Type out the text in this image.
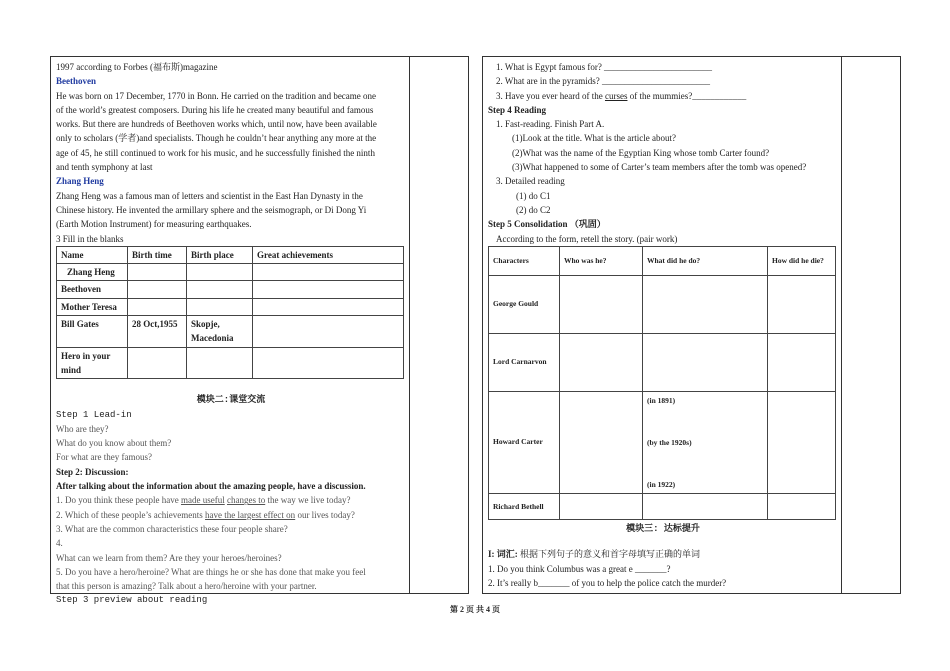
1997 according to Forbes (福布斯)magazine
Beethoven
He was born on 17 December, 1770 in Bonn. He carried on the tradition and became one
of the world’s greatest composers. During his life he created many beautiful and famous
works. But there are hundreds of Beethoven works which, until now, have been available
only to scholars (学者)and specialists. Though he couldn’t hear anything any more at the
age of 45, he still continued to work for his music, and he successfully finished the ninth
and tenth symphony at last
Zhang Heng
Zhang Heng was a famous man of letters and scientist in the East Han Dynasty in the
Chinese history. He invented the armillary sphere and the seismograph, or Di Dong Yi
(Earth Motion Instrument) for measuring earthquakes.
3 Fill in the blanks
Name	Birth time	Birth place	Great achievements
Zhang Heng			
Beethoven			
Mother Teresa			
Bill Gates	28 Oct,1955	Skopje, Macedonia	
Hero in your mind			
模块二:课堂交流
Step 1 Lead-in
Who are they?
What do you know about them?
For what are they famous?
Step 2: Discussion:
After talking about the information about the amazing people, have a discussion.
1. Do you think these people have made useful changes to the way we live today?
2. Which of these people’s achievements have the largest effect on our lives today?
3. What are the common characteristics these four people share?
4.
What can we learn from them? Are they your heroes/heroines?
5. Do you have a hero/heroine? What are things he or she has done that make you feel
that this person is amazing? Talk about a hero/heroine with your partner.
Step 3 preview about reading
1. What is Egypt famous for? ________________________
2. What are in the pyramids? ________________________
3. Have you ever heard of the curses of the mummies?____________
Step 4 Reading
1. Fast-reading. Finish Part A.
(1)Look at the title. What is the article about?
(2)What was the name of the Egyptian King whose tomb Carter found?
(3)What happened to some of Carter’s team members after the tomb was opened?
3. Detailed reading
(1) do C1
(2) do C2
Step 5 Consolidation （巩固）
According to the form, retell the story. (pair work)
Characters	Who was he?	What did he do?	How did he die?
George Gould			
Lord Carnarvon			
Howard Carter		(in 1891)
(by the 1920s)
(in 1922)	

Richard Bethell			
模块三: 达标提升
I: 词汇: 根据下列句子的意义和首字母填写正确的单词
1. Do you think Columbus was a great e _______?
2. It’s really b_______ of you to help the police catch the murder?
第 2 页 共 4 页
